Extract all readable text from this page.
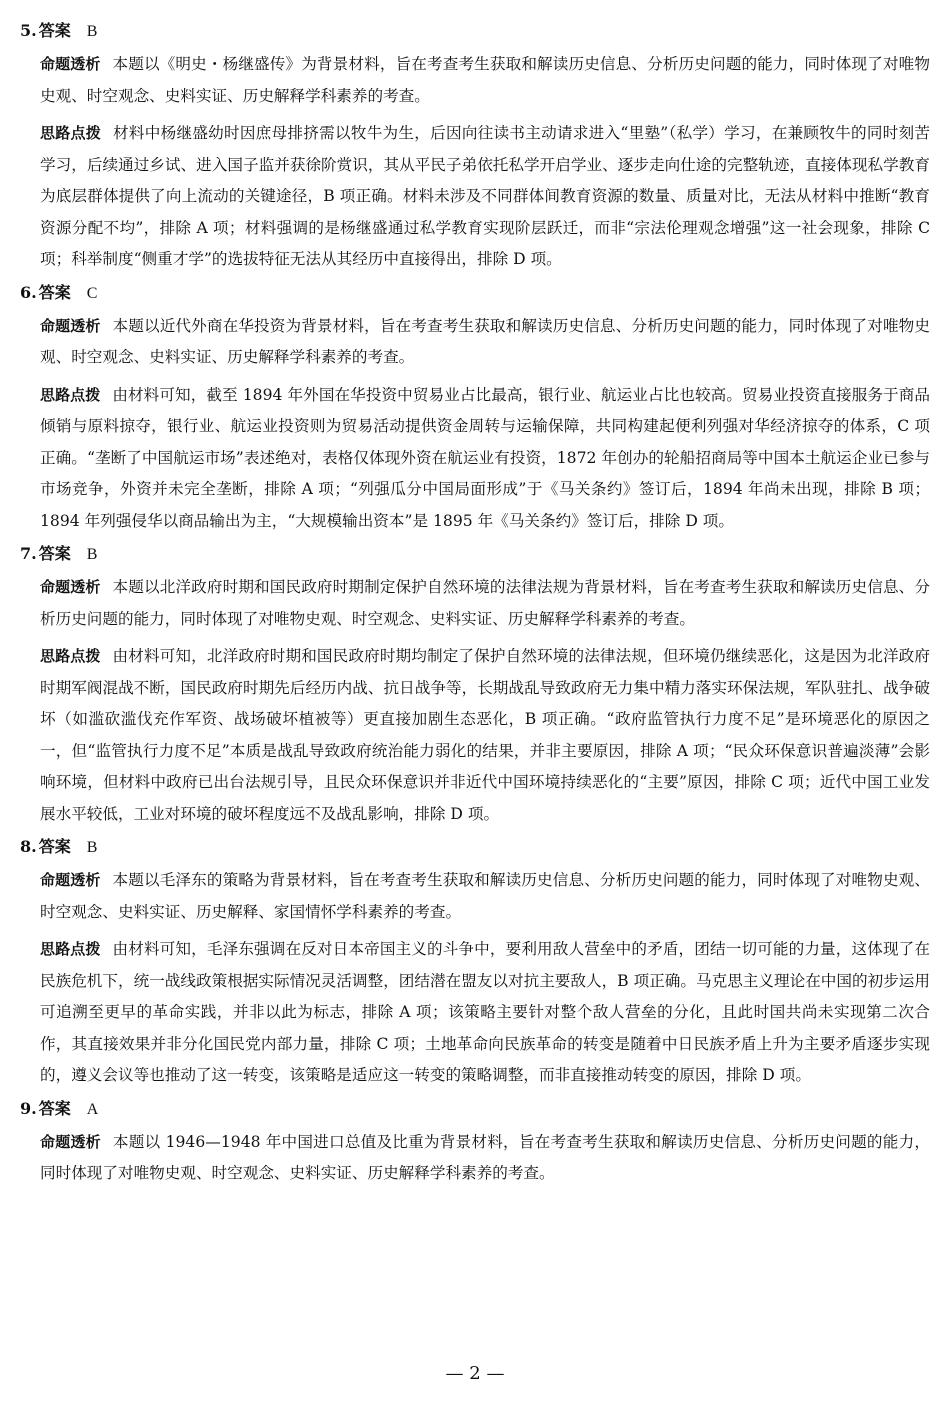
5. 答案 B

命题透析 本题以《明史・杨继盛传》为背景材料，旨在考查考生获取和解读历史信息、分析历史问题的能力，同时体现了对唯物史观、时空观念、史料实证、历史解释学科素养的考查。

思路点拨 材料中杨继盛幼时因庶母排挤需以牧牛为生，后因向往读书主动请求进入“里塾”（私学）学习，在兼顾牧牛的同时刻苦学习，后续通过乡试、进入国子监并获徐阶赏识，其从平民子弟依托私学开启学业、逐步走向仕途的完整轨迹，直接体现私学教育为底层群体提供了向上流动的关键途径，B 项正确。材料未涉及不同群体间教育资源的数量、质量对比，无法从材料中推断“教育资源分配不均”，排除 A 项；材料强调的是杨继盛通过私学教育实现阶层跃迁，而非“宗法伦理观念增强”这一社会现象，排除 C 项；科举制度“侧重才学”的选拔特征无法从其经历中直接得出，排除 D 项。

6. 答案 C

命题透析 本题以近代外商在华投资为背景材料，旨在考查考生获取和解读历史信息、分析历史问题的能力，同时体现了对唯物史观、时空观念、史料实证、历史解释学科素养的考查。

思路点拨 由材料可知，截至 1894 年外国在华投资中贸易业占比最高，银行业、航运业占比也较高。贸易业投资直接服务于商品倾销与原料掠夺，银行业、航运业投资则为贸易活动提供资金周转与运输保障，共同构建起便利列强对华经济掠夺的体系，C 项正确。“垄断了中国航运市场”表述绝对，表格仅体现外资在航运业有投资，1872 年创办的轮船招商局等中国本土航运企业已参与市场竞争，外资并未完全垄断，排除 A 项；“列强瓜分中国局面形成”于《马关条约》签订后，1894 年尚未出现，排除 B 项；1894 年列强侵华以商品输出为主，“大规模输出资本”是 1895 年《马关条约》签订后，排除 D 项。

7. 答案 B

命题透析 本题以北洋政府时期和国民政府时期制定保护自然环境的法律法规为背景材料，旨在考查考生获取和解读历史信息、分析历史问题的能力，同时体现了对唯物史观、时空观念、史料实证、历史解释学科素养的考查。

思路点拨 由材料可知，北洋政府时期和国民政府时期均制定了保护自然环境的法律法规，但环境仍继续恶化，这是因为北洋政府时期军阀混战不断，国民政府时期先后经历内战、抗日战争等，长期战乱导致政府无力集中精力落实环保法规，军队驻扎、战争破坏（如滥砍滥伐充作军资、战场破坏植被等）更直接加剧生态恶化，B 项正确。“政府监管执行力度不足”是环境恶化的原因之一，但“监管执行力度不足”本质是战乱导致政府统治能力弱化的结果，并非主要原因，排除 A 项；“民众环保意识普遍淡薄”会影响环境，但材料中政府已出台法规引导，且民众环保意识并非近代中国环境持续恶化的“主要”原因，排除 C 项；近代中国工业发展水平较低，工业对环境的破坏程度远不及战乱影响，排除 D 项。

8. 答案 B

命题透析 本题以毛泽东的策略为背景材料，旨在考查考生获取和解读历史信息、分析历史问题的能力，同时体现了对唯物史观、时空观念、史料实证、历史解释、家国情怀学科素养的考查。

思路点拨 由材料可知，毛泽东强调在反对日本帝国主义的斗争中，要利用敌人营垒中的矛盾，团结一切可能的力量，这体现了在民族危机下，统一战线政策根据实际情况灵活调整，团结潜在盟友以对抗主要敌人，B 项正确。马克思主义理论在中国的初步运用可追溯至更早的革命实践，并非以此为标志，排除 A 项；该策略主要针对整个敌人营垒的分化，且此时国共尚未实现第二次合作，其直接效果并非分化国民党内部力量，排除 C 项；土地革命向民族革命的转变是随着中日民族矛盾上升为主要矛盾逐步实现的，遵义会议等也推动了这一转变，该策略是适应这一转变的策略调整，而非直接推动转变的原因，排除 D 项。

9. 答案 A

命题透析 本题以 1946—1948 年中国进口总值及比重为背景材料，旨在考查考生获取和解读历史信息、分析历史问题的能力，同时体现了对唯物史观、时空观念、史料实证、历史解释学科素养的考查。

— 2 —
